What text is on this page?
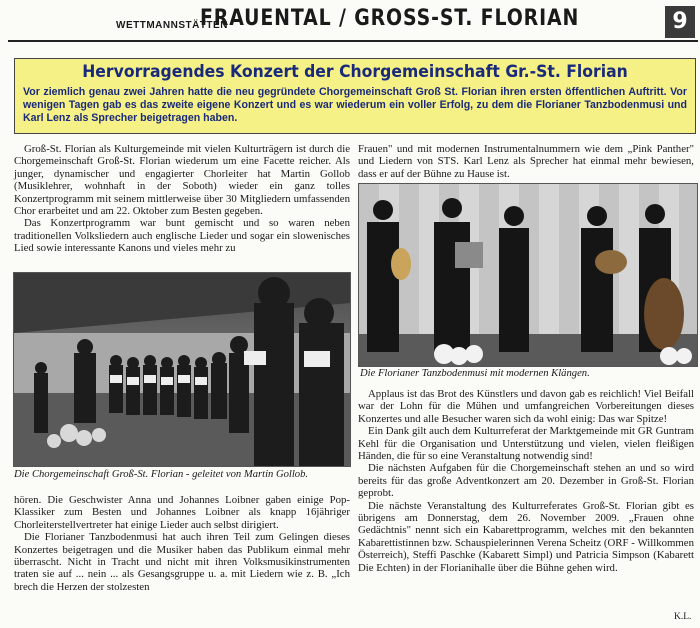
WETTMANNSTÄTTEN
FRAUENTAL / GROSS-ST. FLORIAN	9
Hervorragendes Konzert der Chorgemeinschaft Gr.-St. Florian
Vor ziemlich genau zwei Jahren hatte die neu gegründete Chorgemeinschaft Groß St. Florian ihren ersten öffentlichen Auftritt. Vor wenigen Tagen gab es das zweite eigene Konzert und es war wiederum ein voller Erfolg, zu dem die Florianer Tanzbodenmusi und Karl Lenz als Sprecher beigetragen haben.

Groß-St. Florian als Kulturgemeinde mit vielen Kulturträgern ist durch die Chorgemeinschaft Groß-St. Florian wiederum um eine Facette reicher. Als junger, dynamischer und engagierter Chorleiter hat Martin Gollob (Musiklehrer, wohnhaft in der Soboth) wieder ein ganz tolles Konzertprogramm mit seinem mittlerweise über 30 Mitgliedern umfassenden Chor erarbeitet und am 22. Oktober zum Besten gegeben.

Das Konzertprogramm war bunt gemischt und so waren neben traditionellen Volksliedern auch englische Lieder und sogar ein slowenisches Lied sowie interessante Kanons und vieles mehr zu

Die Chorgemeinschaft Groß-St. Florian - geleitet von Martin Gollob.

hören. Die Geschwister Anna und Johannes Loibner gaben einige Pop-Klassiker zum Besten und Johannes Loibner als knapp 16jähriger Chorleiterstellvertreter hat einige Lieder auch selbst dirigiert.

Die Florianer Tanzbodenmusi hat auch ihren Teil zum Gelingen dieses Konzertes beigetragen und die Musiker haben das Publikum einmal mehr überrascht. Nicht in Tracht und nicht mit ihren Volksmusikinstrumenten traten sie auf ... nein ... als Gesangsgruppe u. a. mit Liedern wie z. B. „Ich brech die Herzen der stolzesten

Frauen" und mit modernen Instrumentalnummern wie dem „Pink Panther" und Liedern von STS. Karl Lenz als Sprecher hat einmal mehr bewiesen, dass er auf der Bühne zu Hause ist.

Die Florianer Tanzbodenmusi mit modernen Klängen.

Applaus ist das Brot des Künstlers und davon gab es reichlich! Viel Beifall war der Lohn für die Mühen und umfangreichen Vorbereitungen dieses Konzertes und alle Besucher waren sich da wohl einig: Das war Spitze!

Ein Dank gilt auch dem Kulturreferat der Marktgemeinde mit GR Guntram Kehl für die Organisation und Unterstützung und vielen, vielen fleißigen Händen, die für so eine Veranstaltung notwendig sind!

Die nächsten Aufgaben für die Chorgemeinschaft stehen an und so wird bereits für das große Adventkonzert am 20. Dezember in Groß-St. Florian geprobt.

Die nächste Veranstaltung des Kulturreferates Groß-St. Florian gibt es übrigens am Donnerstag, dem 26. November 2009. „Frauen ohne Gedächtnis" nennt sich ein Kabarettprogramm, welches mit den bekannten Kabarettistinnen bzw. Schauspielerinnen Verena Scheitz (ORF - Willkommen Österreich), Steffi Paschke (Kabarett Simpl) und Patricia Simpson (Kabarett Die Echten) in der Florianihalle über die Bühne gehen wird.

K.L.
